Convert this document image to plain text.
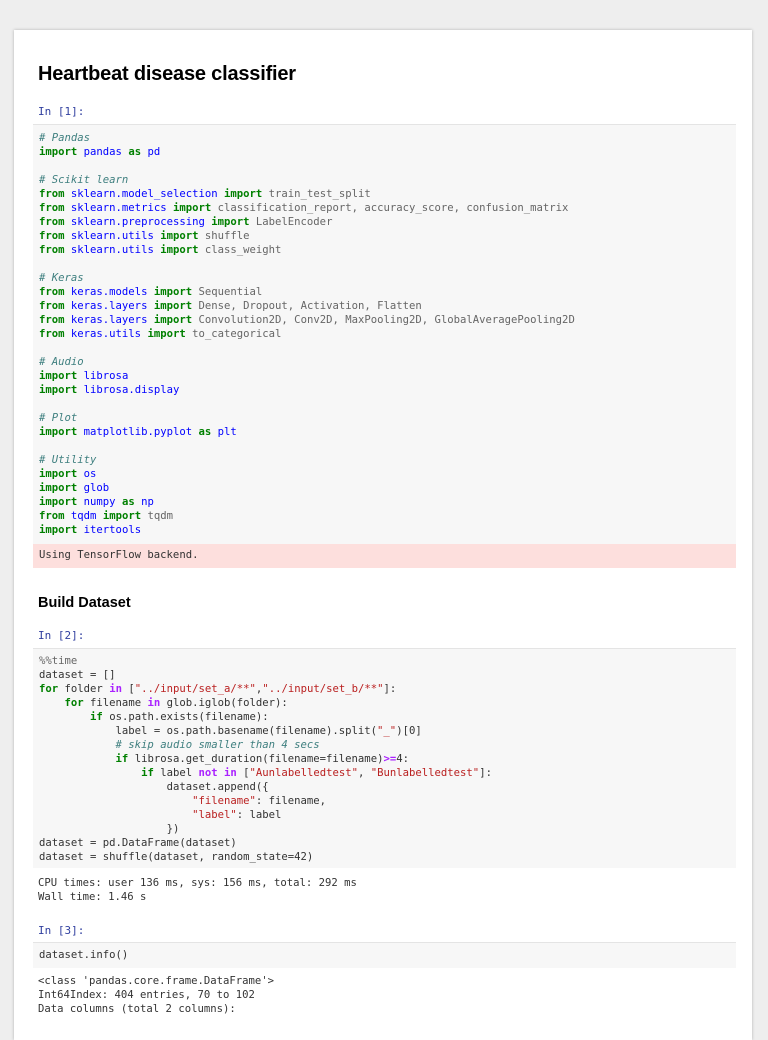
Heartbeat disease classifier
In [1]:
# Pandas
import pandas as pd

# Scikit learn
from sklearn.model_selection import train_test_split
from sklearn.metrics import classification_report, accuracy_score, confusion_matrix
from sklearn.preprocessing import LabelEncoder
from sklearn.utils import shuffle
from sklearn.utils import class_weight

# Keras
from keras.models import Sequential
from keras.layers import Dense, Dropout, Activation, Flatten
from keras.layers import Convolution2D, Conv2D, MaxPooling2D, GlobalAveragePooling2D
from keras.utils import to_categorical

# Audio
import librosa
import librosa.display

# Plot
import matplotlib.pyplot as plt

# Utility
import os
import glob
import numpy as np
from tqdm import tqdm
import itertools
Using TensorFlow backend.
Build Dataset
In [2]:
%%time
dataset = []
for folder in ["../input/set_a/**","../input/set_b/**"]:
for filename in glob.iglob(folder):
if os.path.exists(filename):
label = os.path.basename(filename).split("_")[0]
# skip audio smaller than 4 secs
if librosa.get_duration(filename=filename)>=4:
if label not in ["Aunlabelledtest", "Bunlabelledtest"]:
dataset.append({
"filename": filename,
"label": label
})
dataset = pd.DataFrame(dataset)
dataset = shuffle(dataset, random_state=42)
CPU times: user 136 ms, sys: 156 ms, total: 292 ms
Wall time: 1.46 s
In [3]:
dataset.info()
<class 'pandas.core.frame.DataFrame'>
Int64Index: 404 entries, 70 to 102
Data columns (total 2 columns):
